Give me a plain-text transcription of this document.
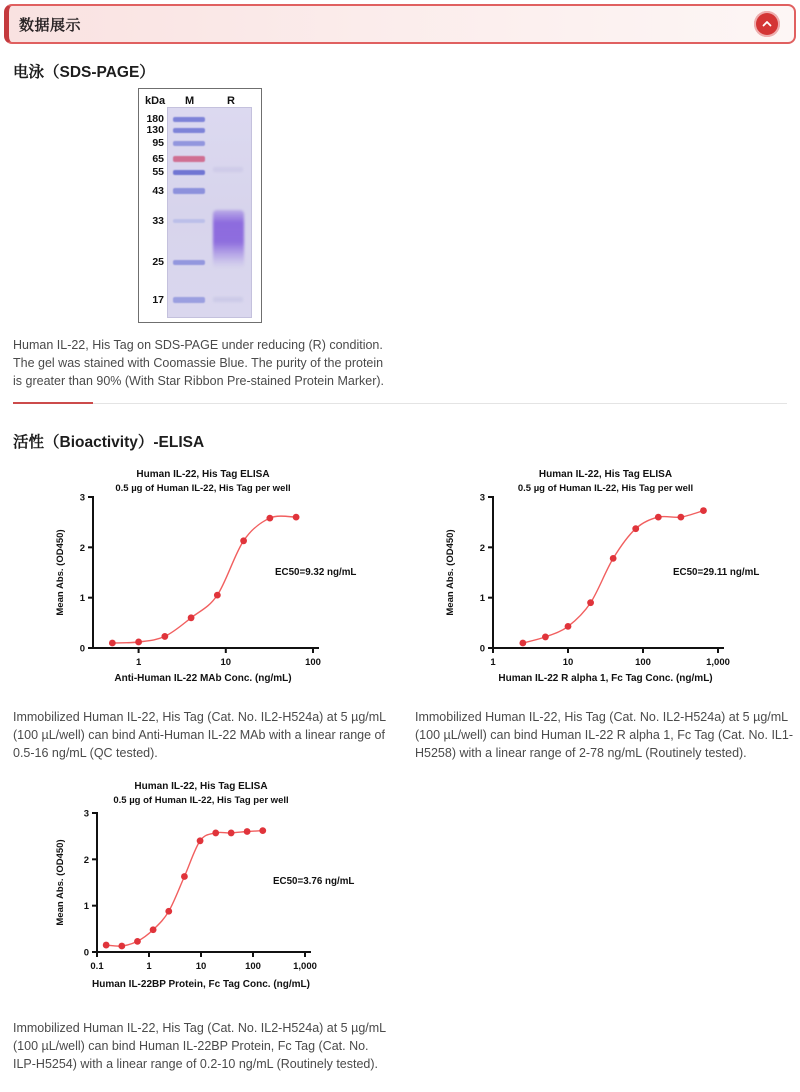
数据展示
电泳（SDS-PAGE）
kDa M	R
180
130
95
65
55
43
33
25
17
Human IL-22, His Tag on SDS-PAGE under reducing (R) condition. The gel was stained with Coomassie Blue. The purity of the protein is greater than 90% (With Star Ribbon Pre-stained Protein Marker).
活性（Bioactivity）-ELISA
Human IL-22, His Tag ELISA
0.5 µg of Human IL-22, His Tag per well
0
1
2
3
1	10	100
Anti-Human IL-22 MAb Conc. (ng/mL)
Mean Abs. (OD450)	EC50=9.32 ng/mL
Human IL-22, His Tag ELISA
0.5 µg of Human IL-22, His Tag per well
0
1
2
3
1	10	100	1,000
Human IL-22 R alpha 1, Fc Tag Conc. (ng/mL)
Mean Abs. (OD450)	EC50=29.11 ng/mL
Human IL-22, His Tag ELISA
0.5 µg of Human IL-22, His Tag per well
0
1
2
3
0.1	1	10	100	1,000
Human IL-22BP Protein, Fc Tag Conc. (ng/mL)
Mean Abs. (OD450)	EC50=3.76 ng/mL
Immobilized Human IL-22, His Tag (Cat. No. IL2-H524a) at 5 µg/mL (100 µL/well) can bind Anti-Human IL-22 MAb with a linear range of 0.5-16 ng/mL (QC tested).
Immobilized Human IL-22, His Tag (Cat. No. IL2-H524a) at 5 µg/mL (100 µL/well) can bind Human IL-22 R alpha 1, Fc Tag (Cat. No. IL1-H5258) with a linear range of 2-78 ng/mL (Routinely tested).
Immobilized Human IL-22, His Tag (Cat. No. IL2-H524a) at 5 µg/mL (100 µL/well) can bind Human IL-22BP Protein, Fc Tag (Cat. No. ILP-H5254) with a linear range of 0.2-10 ng/mL (Routinely tested).
